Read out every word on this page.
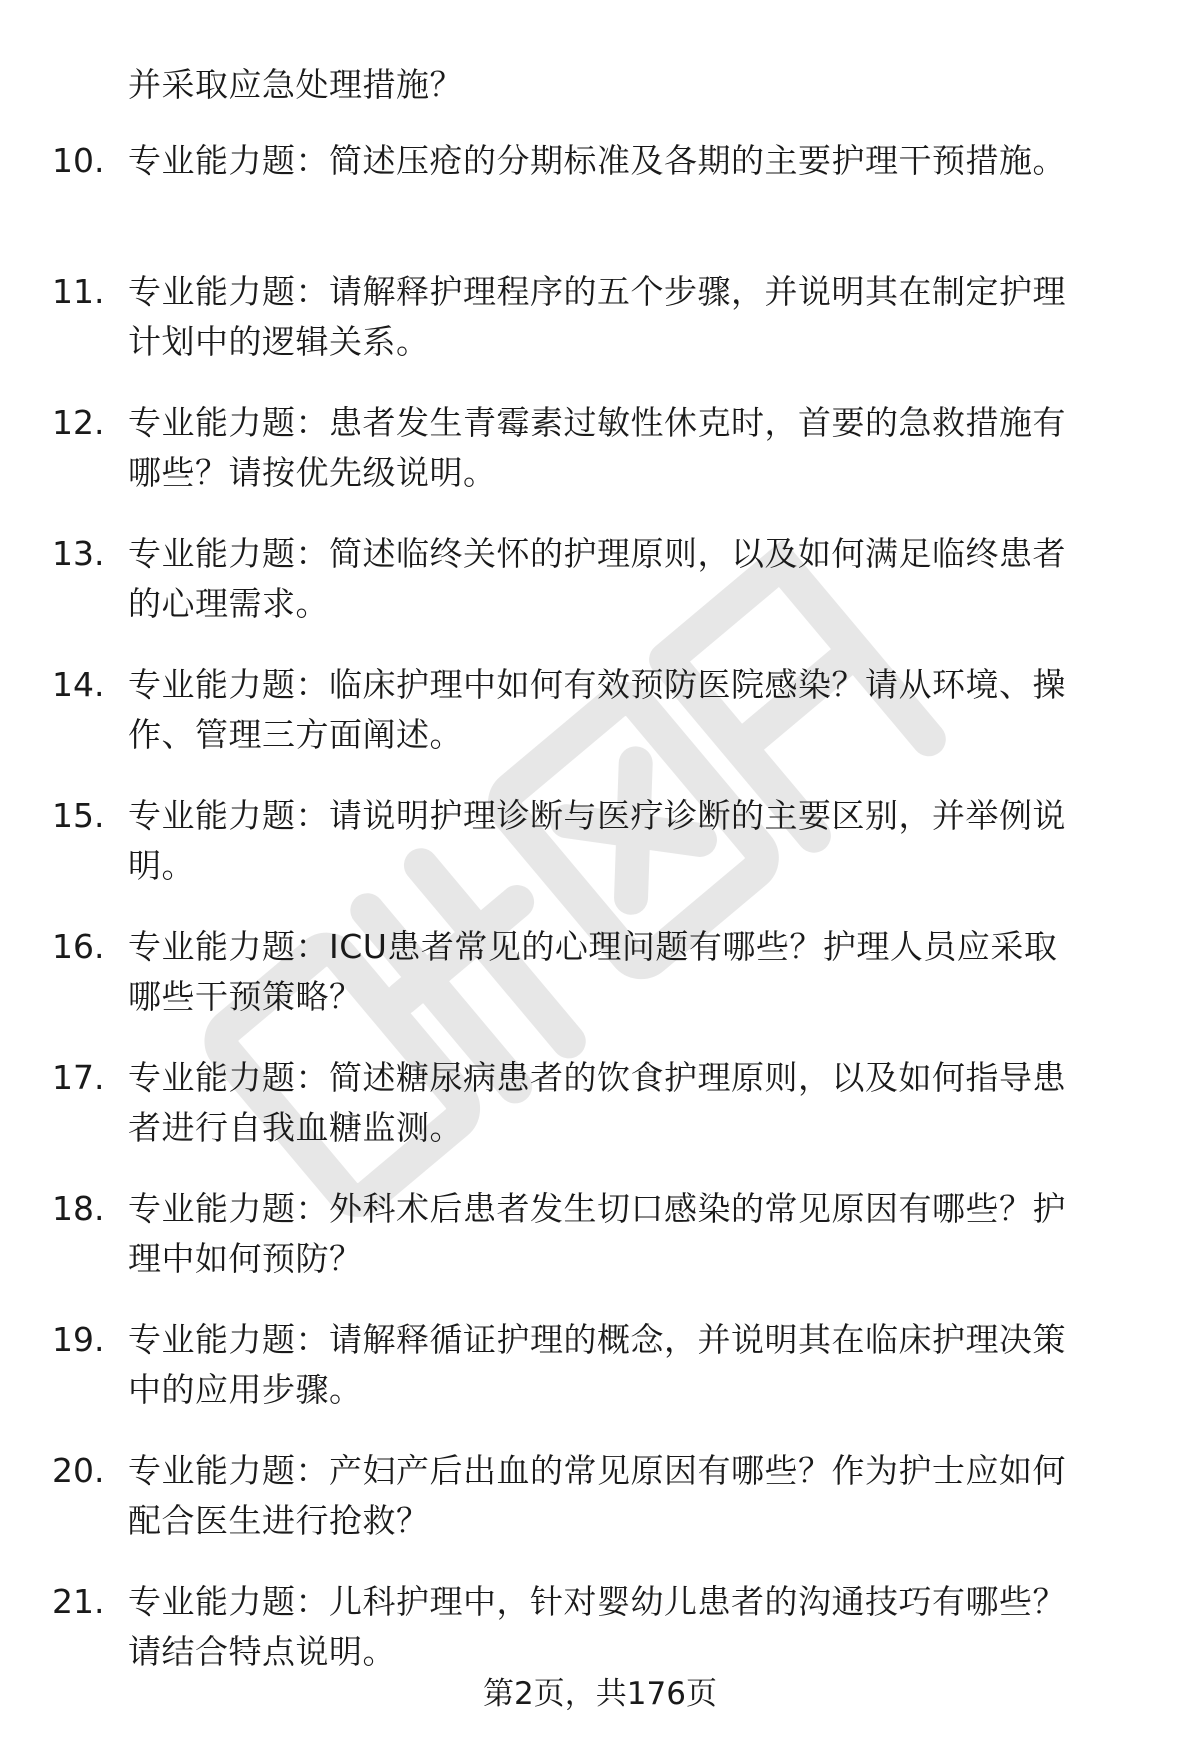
并采取应急处理措施？
10. 专业能力题：简述压疮的分期标准及各期的主要护理干预措施。
11. 专业能力题：请解释护理程序的五个步骤，并说明其在制定护理
计划中的逻辑关系。
12. 专业能力题：患者发生青霉素过敏性休克时，首要的急救措施有
哪些？请按优先级说明。
13. 专业能力题：简述临终关怀的护理原则，以及如何满足临终患者
的心理需求。
14. 专业能力题：临床护理中如何有效预防医院感染？请从环境、操
作、管理三方面阐述。
15. 专业能力题：请说明护理诊断与医疗诊断的主要区别，并举例说
明。
16. 专业能力题：ICU患者常见的心理问题有哪些？护理人员应采取
哪些干预策略？
17. 专业能力题：简述糖尿病患者的饮食护理原则，以及如何指导患
者进行自我血糖监测。
18. 专业能力题：外科术后患者发生切口感染的常见原因有哪些？护
理中如何预防？
19. 专业能力题：请解释循证护理的概念，并说明其在临床护理决策
中的应用步骤。
20. 专业能力题：产妇产后出血的常见原因有哪些？作为护士应如何
配合医生进行抢救？
21. 专业能力题：儿科护理中，针对婴幼儿患者的沟通技巧有哪些？
请结合特点说明。
第2页，共176页
